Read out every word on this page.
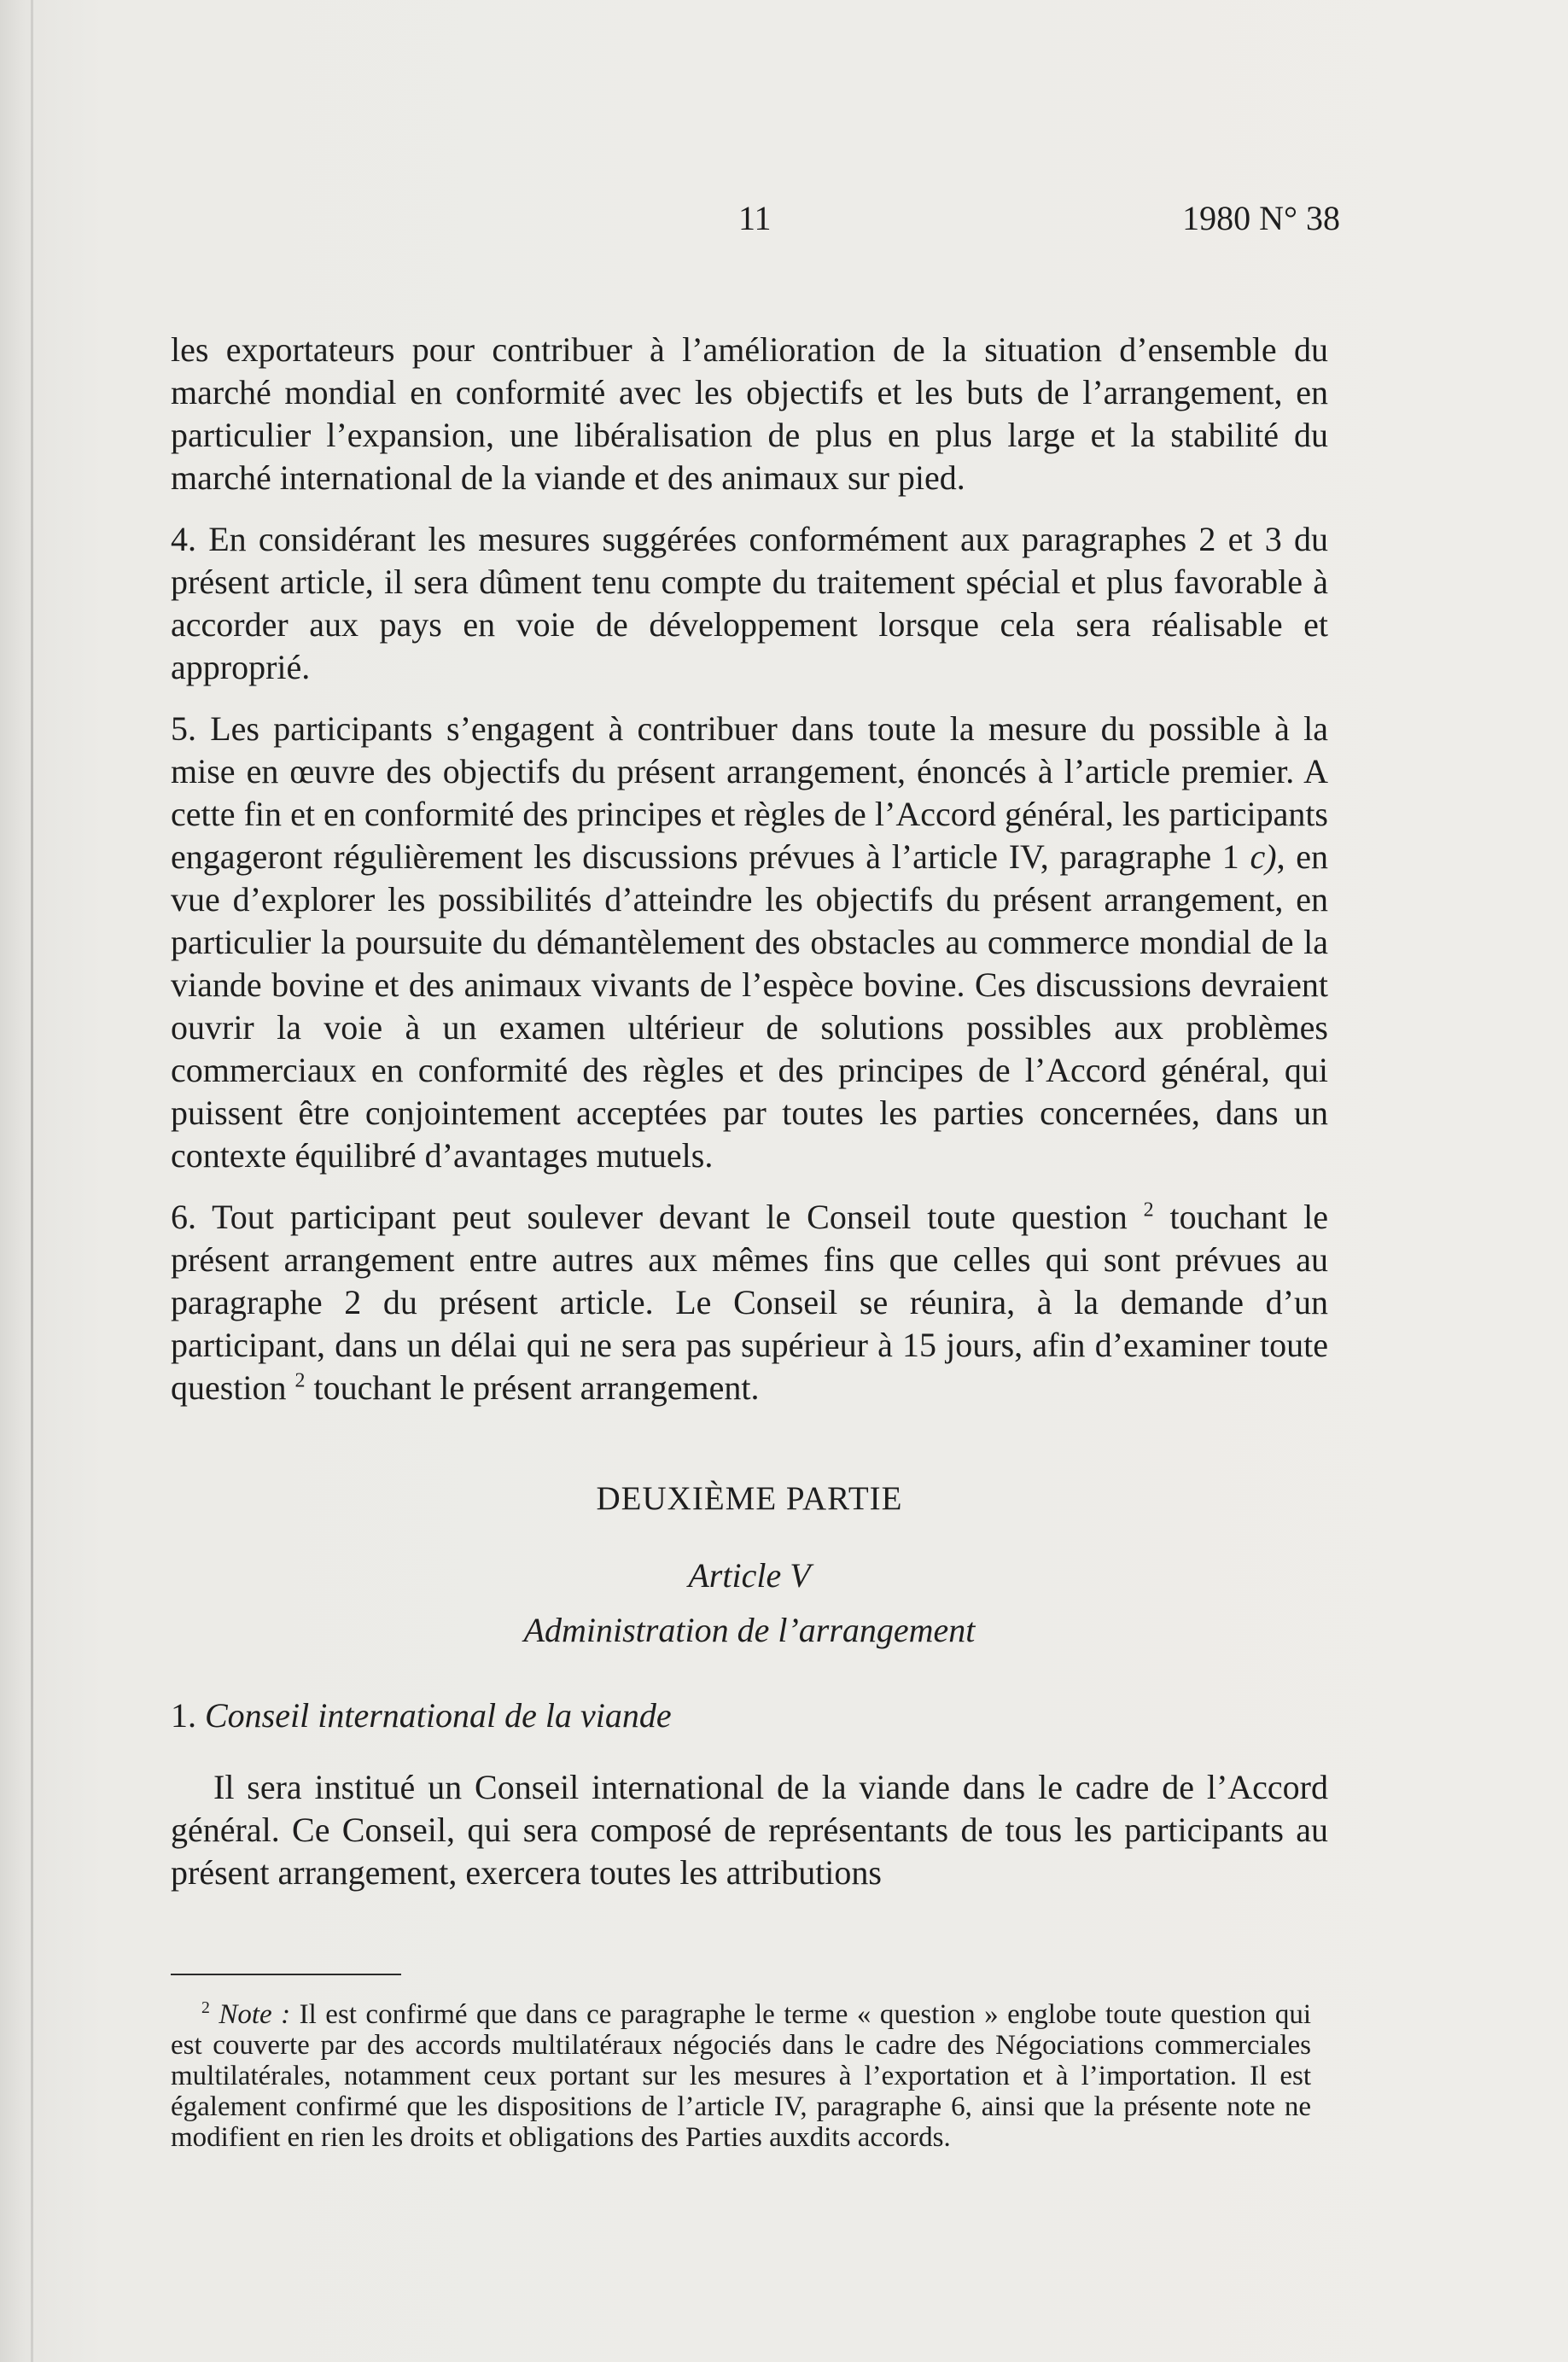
11	1980 N° 38

les exportateurs pour contribuer à l’amélioration de la situation d’ensemble du marché mondial en conformité avec les objectifs et les buts de l’arrangement, en particulier l’expansion, une libéralisation de plus en plus large et la stabilité du marché international de la viande et des animaux sur pied.

4. En considérant les mesures suggérées conformément aux paragraphes 2 et 3 du présent article, il sera dûment tenu compte du traitement spécial et plus favorable à accorder aux pays en voie de développement lorsque cela sera réalisable et approprié.

5. Les participants s’engagent à contribuer dans toute la mesure du possible à la mise en œuvre des objectifs du présent arrangement, énoncés à l’article premier. A cette fin et en conformité des principes et règles de l’Accord général, les participants engageront régulièrement les discussions prévues à l’article IV, paragraphe 1 c), en vue d’explorer les possibilités d’atteindre les objectifs du présent arrangement, en particulier la poursuite du démantèlement des obstacles au commerce mondial de la viande bovine et des animaux vivants de l’espèce bovine. Ces discussions devraient ouvrir la voie à un examen ultérieur de solutions possibles aux problèmes commerciaux en conformité des règles et des principes de l’Accord général, qui puissent être conjointement acceptées par toutes les parties concernées, dans un contexte équilibré d’avantages mutuels.

6. Tout participant peut soulever devant le Conseil toute question $^2$ touchant le présent arrangement entre autres aux mêmes fins que celles qui sont prévues au paragraphe 2 du présent article. Le Conseil se réunira, à la demande d’un participant, dans un délai qui ne sera pas supérieur à 15 jours, afin d’examiner toute question $^2$ touchant le présent arrangement.

DEUXIÈME PARTIE
Article V
Administration de l’arrangement
1. Conseil international de la viande

Il sera institué un Conseil international de la viande dans le cadre de l’Accord général. Ce Conseil, qui sera composé de représentants de tous les participants au présent arrangement, exercera toutes les attributions

$^2$ Note : Il est confirmé que dans ce paragraphe le terme « question » englobe toute question qui est couverte par des accords multilatéraux négociés dans le cadre des Négociations commerciales multilatérales, notamment ceux portant sur les mesures à l’exportation et à l’importation. Il est également confirmé que les dispositions de l’article IV, paragraphe 6, ainsi que la présente note ne modifient en rien les droits et obligations des Parties auxdits accords.
